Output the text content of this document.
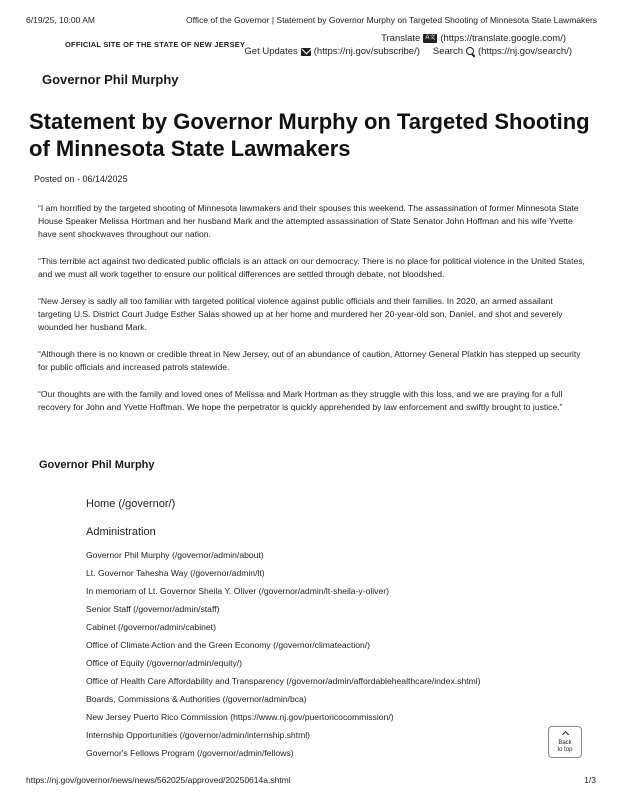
6/19/25, 10:00 AM	Office of the Governor | Statement by Governor Murphy on Targeted Shooting of Minnesota State Lawmakers
OFFICIAL SITE OF THE STATE OF NEW JERSEY
Translate A文 (https://translate.google.com/)
Get Updates (https://nj.gov/subscribe/) Search (https://nj.gov/search/)
Governor Phil Murphy
Statement by Governor Murphy on Targeted Shooting of Minnesota State Lawmakers
Posted on - 06/14/2025

“I am horrified by the targeted shooting of Minnesota lawmakers and their spouses this weekend. The assassination of former Minnesota State House Speaker Melissa Hortman and her husband Mark and the attempted assassination of State Senator John Hoffman and his wife Yvette have sent shockwaves throughout our nation.

“This terrible act against two dedicated public officials is an attack on our democracy. There is no place for political violence in the United States, and we must all work together to ensure our political differences are settled through debate, not bloodshed.

“New Jersey is sadly all too familiar with targeted political violence against public officials and their families. In 2020, an armed assailant targeting U.S. District Court Judge Esther Salas showed up at her home and murdered her 20-year-old son, Daniel, and shot and severely wounded her husband Mark.

“Although there is no known or credible threat in New Jersey, out of an abundance of caution, Attorney General Platkin has stepped up security for public officials and increased patrols statewide.

“Our thoughts are with the family and loved ones of Melissa and Mark Hortman as they struggle with this loss, and we are praying for a full recovery for John and Yvette Hoffman. We hope the perpetrator is quickly apprehended by law enforcement and swiftly brought to justice.”

Governor Phil Murphy
Home (/governor/)
Administration
Governor Phil Murphy (/governor/admin/about)
Lt. Governor Tahesha Way (/governor/admin/lt)
In memoriam of Lt. Governor Sheila Y. Oliver (/governor/admin/lt-sheila-y-oliver)
Senior Staff (/governor/admin/staff)
Cabinet (/governor/admin/cabinet)
Office of Climate Action and the Green Economy (/governor/climateaction/)
Office of Equity (/governor/admin/equity/)
Office of Health Care Affordability and Transparency (/governor/admin/affordablehealthcare/index.shtml)
Boards, Commissions & Authorities (/governor/admin/bca)
New Jersey Puerto Rico Commission (https://www.nj.gov/puertoricocommission/)
Internship Opportunities (/governor/admin/internship.shtml)
Governor's Fellows Program (/governor/admin/fellows)
Back
to top
https://nj.gov/governor/news/news/562025/approved/20250614a.shtml	1/3
